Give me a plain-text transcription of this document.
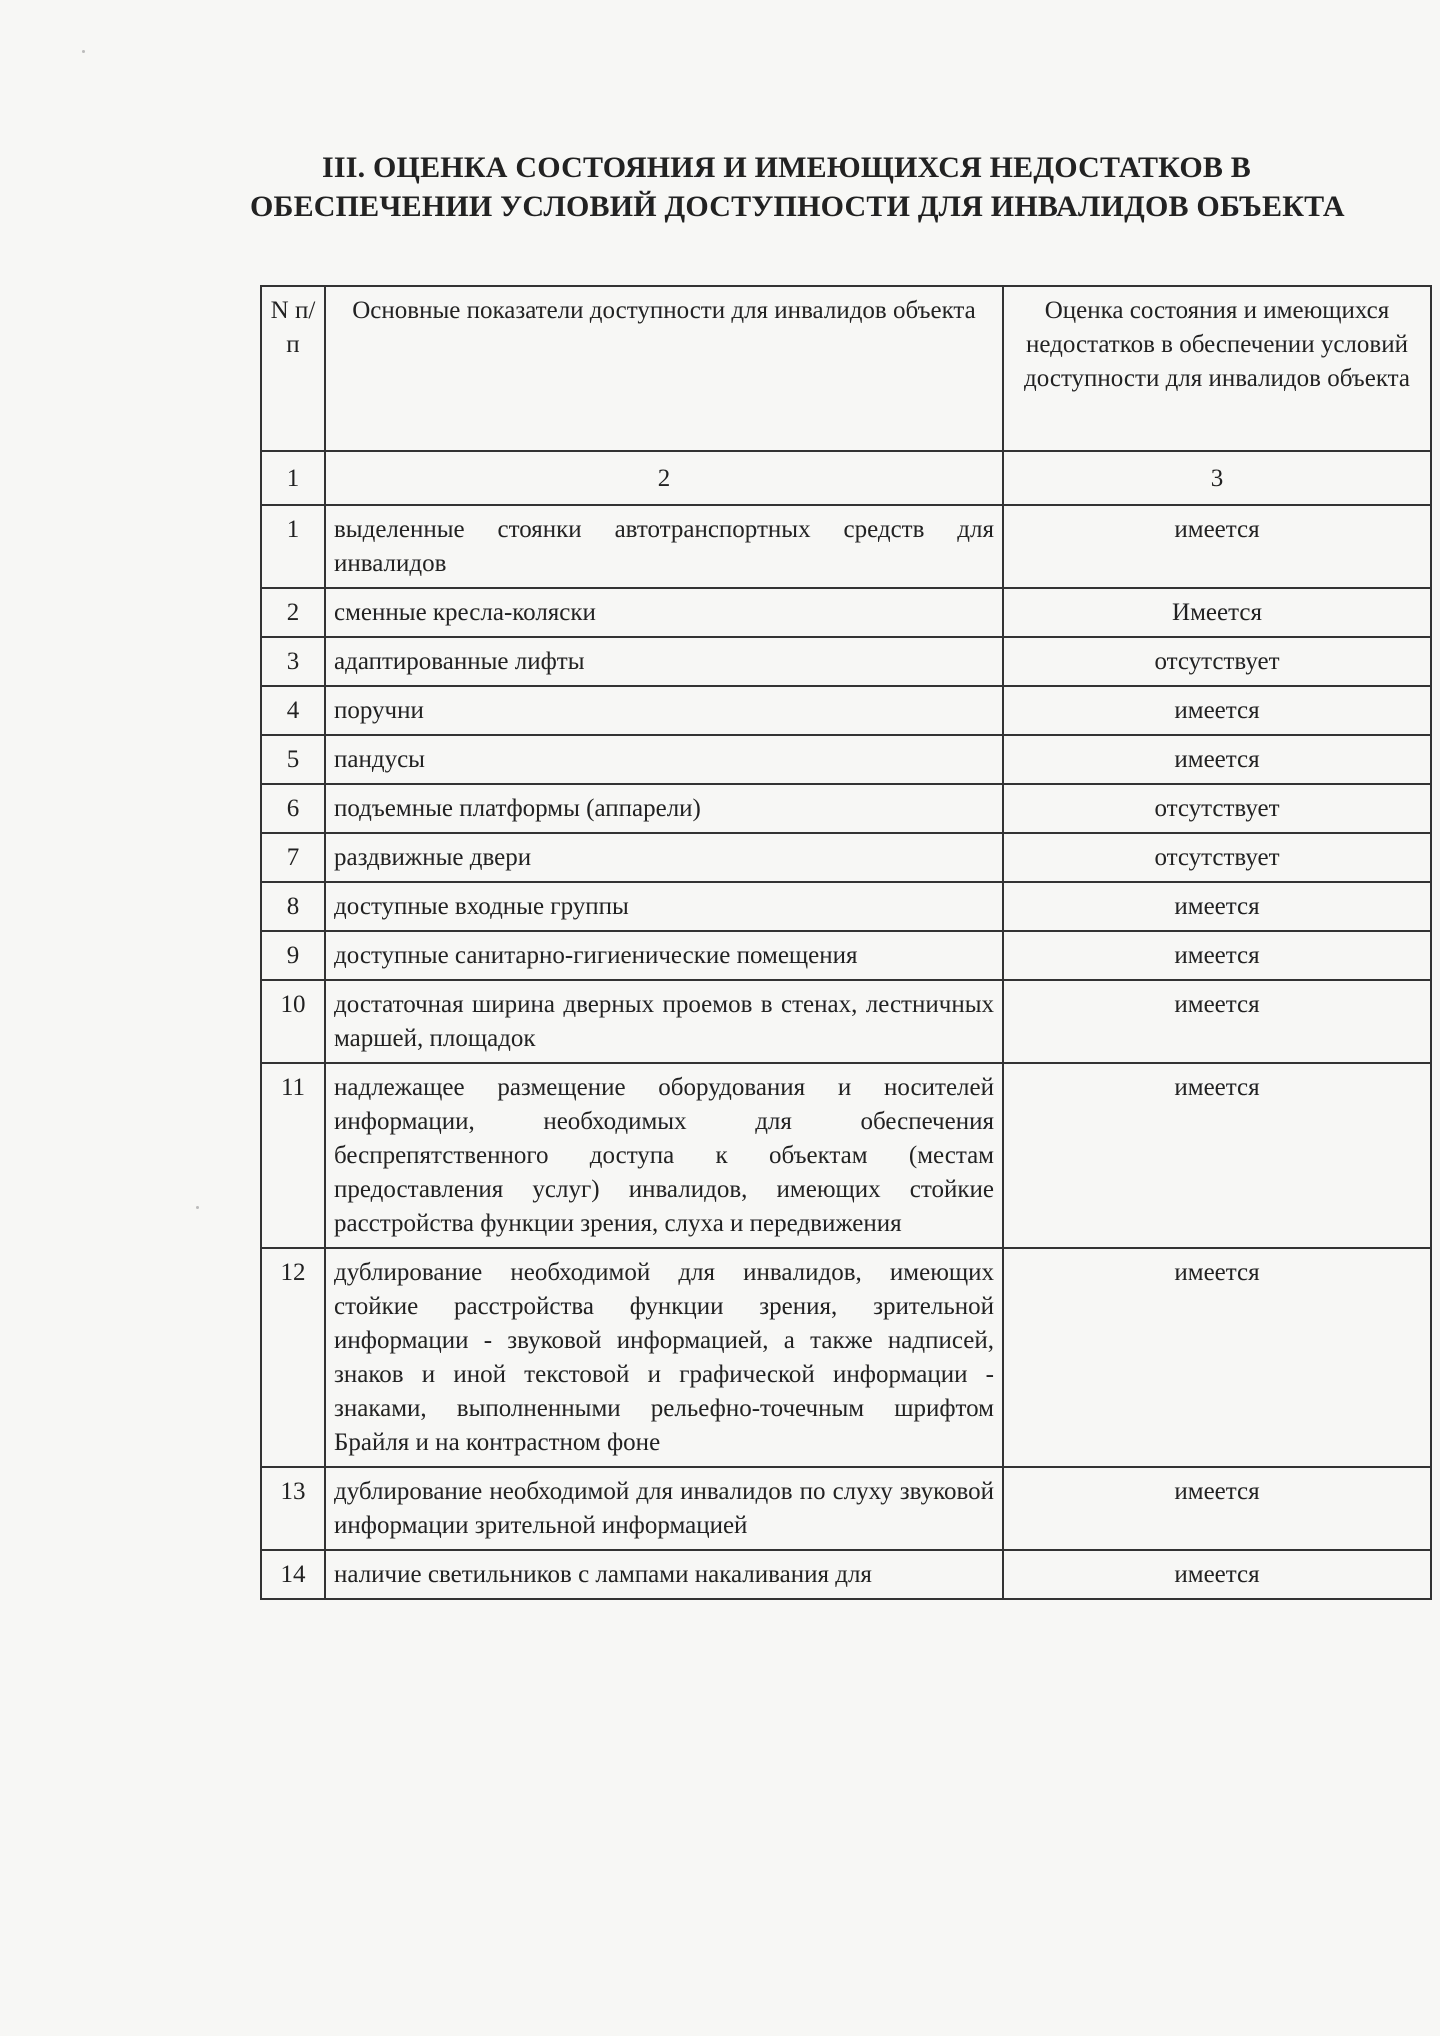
III. ОЦЕНКА СОСТОЯНИЯ И ИМЕЮЩИХСЯ НЕДОСТАТКОВ В
ОБЕСПЕЧЕНИИ УСЛОВИЙ ДОСТУПНОСТИ ДЛЯ ИНВАЛИДОВ ОБЪЕКТА
N п/п	Основные показатели доступности для инвалидов объекта	Оценка состояния и имеющихся недостатков в обеспечении условий доступности для инвалидов объекта
1	2	3
1	выделенные стоянки автотранспортных средств для инвалидов	имеется
2	сменные кресла-коляски	Имеется
3	адаптированные лифты	отсутствует
4	поручни	имеется
5	пандусы	имеется
6	подъемные платформы (аппарели)	отсутствует
7	раздвижные двери	отсутствует
8	доступные входные группы	имеется
9	доступные санитарно-гигиенические помещения	имеется
10	достаточная ширина дверных проемов в стенах, лестничных маршей, площадок	имеется
11	надлежащее размещение оборудования и носителей информации, необходимых для обеспечения беспрепятственного доступа к объектам (местам предоставления услуг) инвалидов, имеющих стойкие расстройства функции зрения, слуха и передвижения	имеется
12	дублирование необходимой для инвалидов, имеющих стойкие расстройства функции зрения, зрительной информации - звуковой информацией, а также надписей, знаков и иной текстовой и графической информации - знаками, выполненными рельефно-точечным шрифтом Брайля и на контрастном фоне	имеется
13	дублирование необходимой для инвалидов по слуху звуковой информации зрительной информацией	имеется
14	наличие светильников с лампами накаливания для	имеется
